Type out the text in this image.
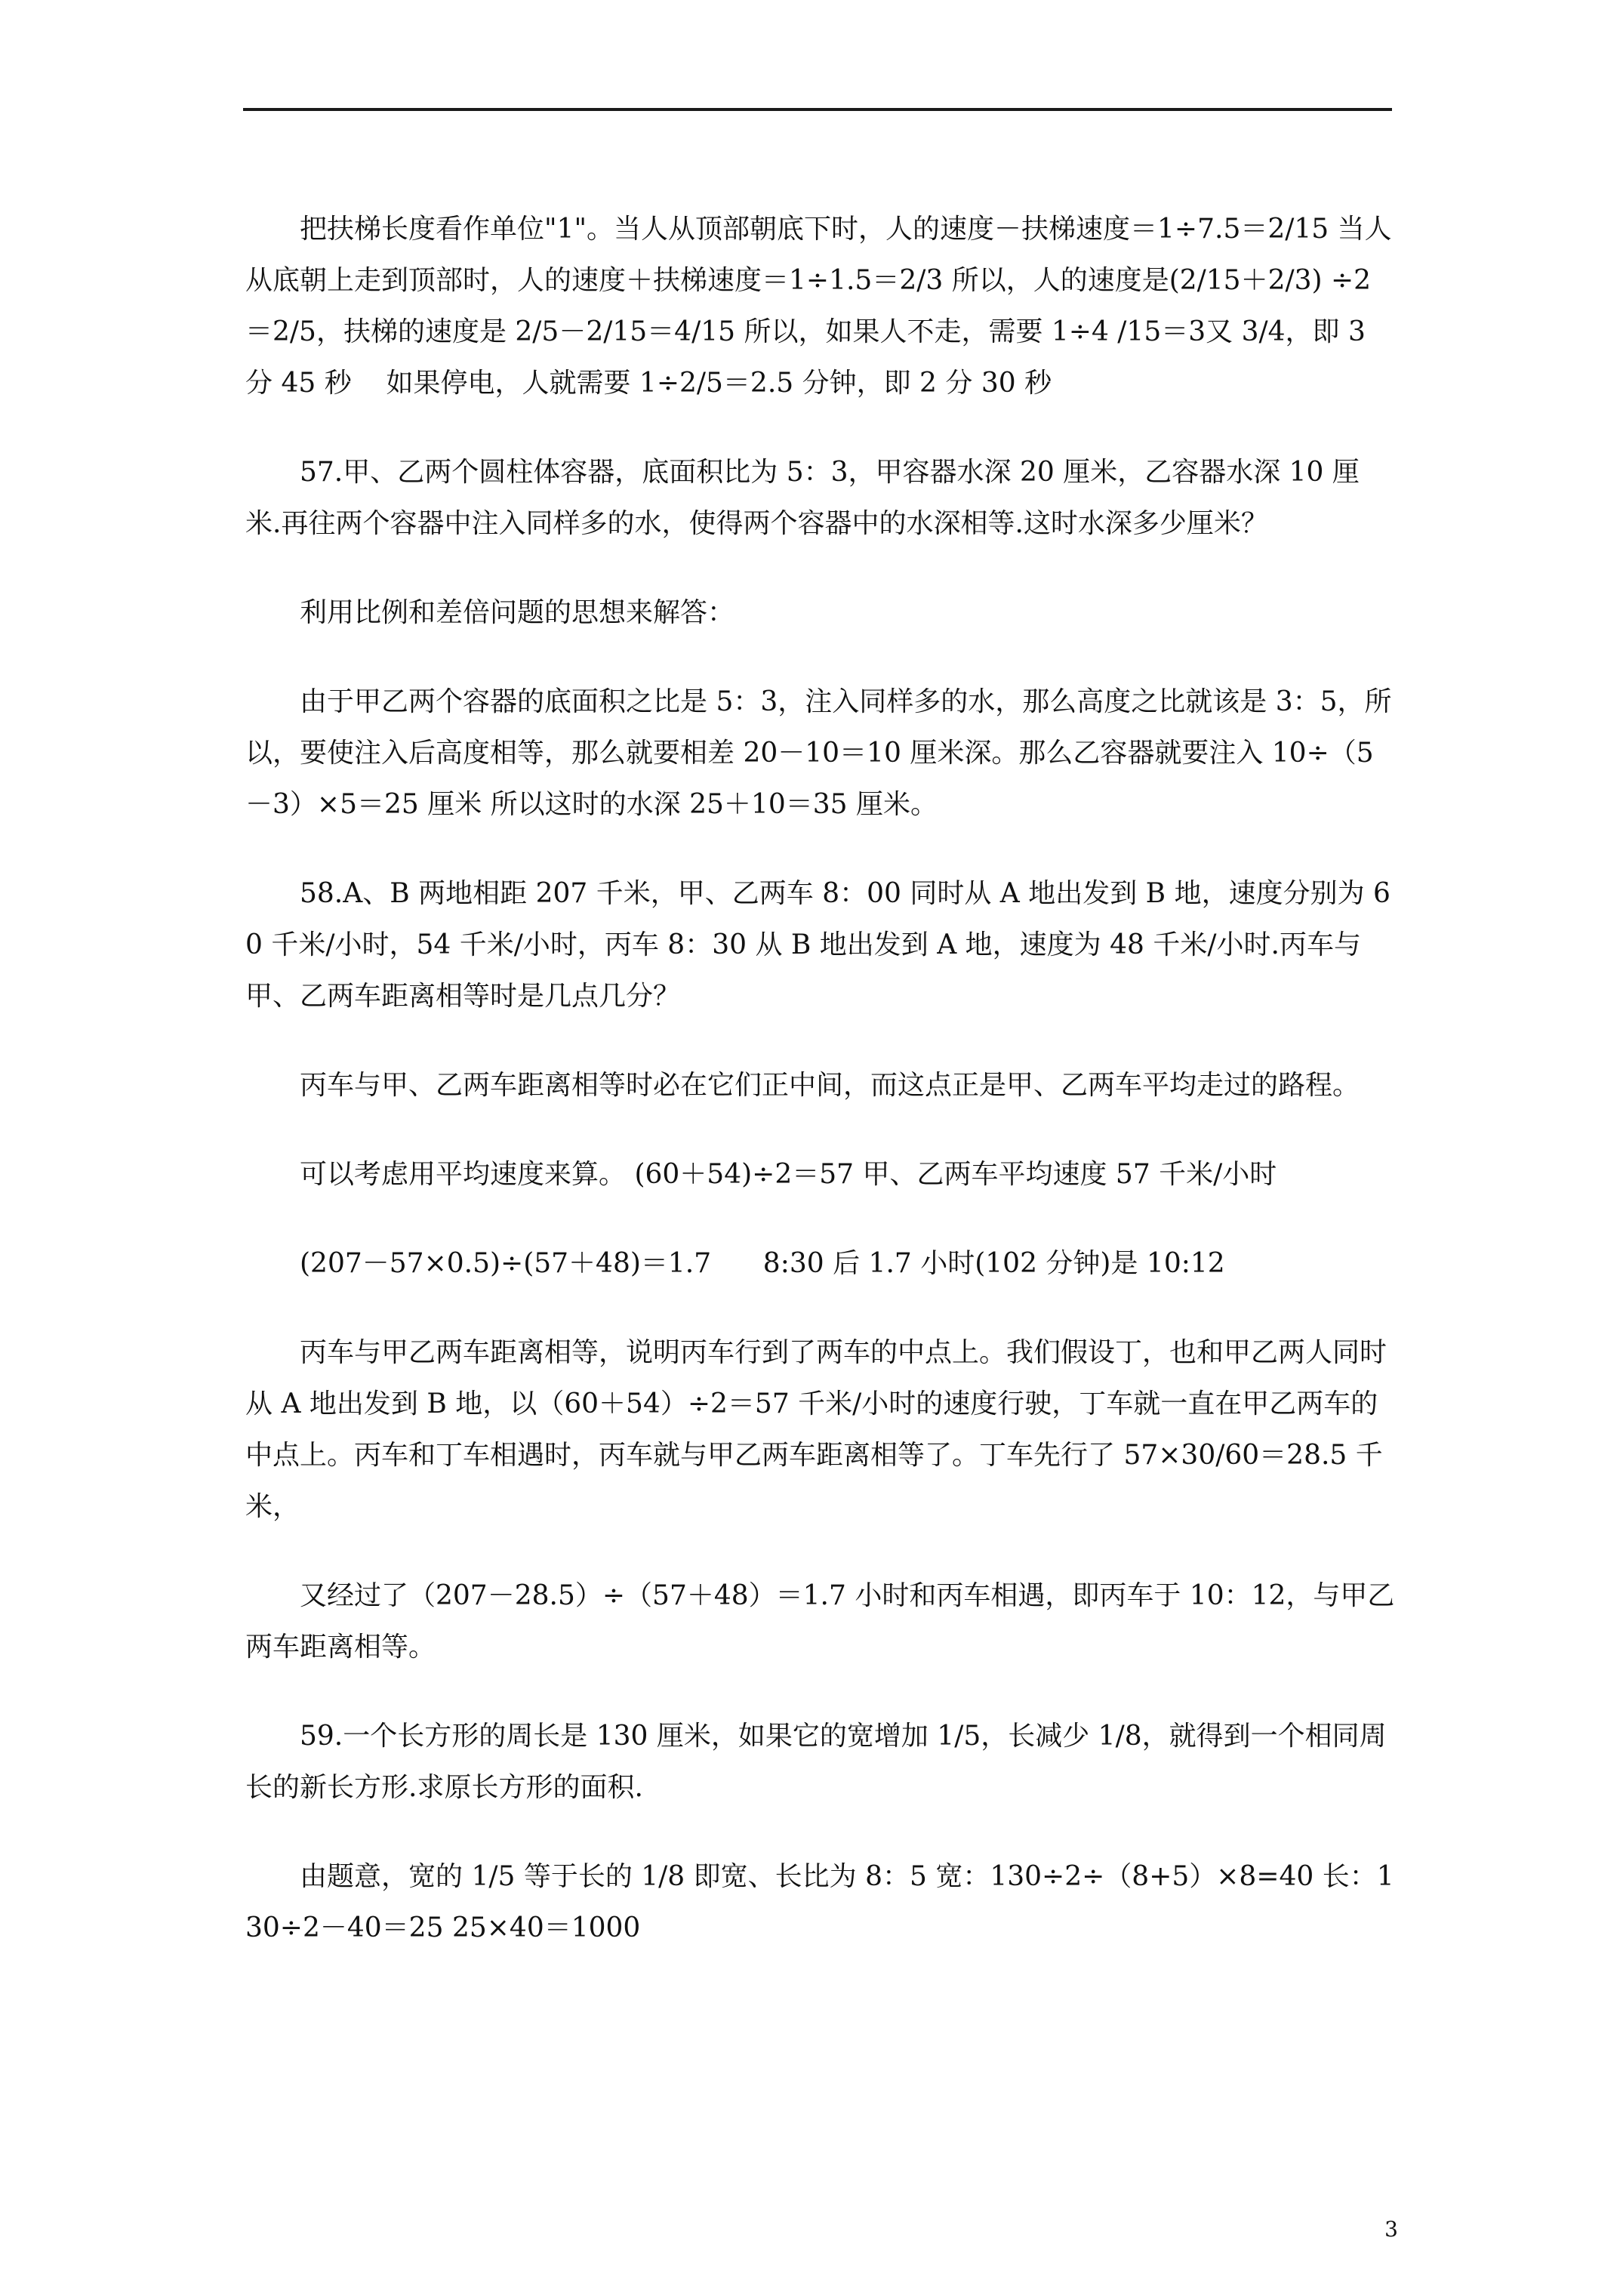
把扶梯长度看作单位"1"。当人从顶部朝底下时，人的速度－扶梯速度＝1÷7.5＝2/15 当人从底朝上走到顶部时，人的速度＋扶梯速度＝1÷1.5＝2/3 所以，人的速度是(2/15＋2/3) ÷2＝2/5，扶梯的速度是 2/5－2/15＝4/15 所以，如果人不走，需要 1÷4 /15＝3又 3/4，即 3 分 45 秒    如果停电，人就需要 1÷2/5＝2.5 分钟，即 2 分 30 秒

57.甲、乙两个圆柱体容器，底面积比为 5：3，甲容器水深 20 厘米，乙容器水深 10 厘米.再往两个容器中注入同样多的水，使得两个容器中的水深相等.这时水深多少厘米？

利用比例和差倍问题的思想来解答：

由于甲乙两个容器的底面积之比是 5：3，注入同样多的水，那么高度之比就该是 3：5，所以，要使注入后高度相等，那么就要相差 20－10＝10 厘米深。那么乙容器就要注入 10÷（5－3）×5＝25 厘米 所以这时的水深 25＋10＝35 厘米。

58.A、B 两地相距 207 千米，甲、乙两车 8：00 同时从 A 地出发到 B 地，速度分别为 60 千米/小时，54 千米/小时，丙车 8：30 从 B 地出发到 A 地，速度为 48 千米/小时.丙车与甲、乙两车距离相等时是几点几分？

丙车与甲、乙两车距离相等时必在它们正中间，而这点正是甲、乙两车平均走过的路程。

可以考虑用平均速度来算。 (60＋54)÷2＝57 甲、乙两车平均速度 57 千米/小时

(207－57×0.5)÷(57＋48)＝1.7      8:30 后 1.7 小时(102 分钟)是 10:12

丙车与甲乙两车距离相等，说明丙车行到了两车的中点上。我们假设丁，也和甲乙两人同时从 A 地出发到 B 地，以（60＋54）÷2＝57 千米/小时的速度行驶，丁车就一直在甲乙两车的中点上。丙车和丁车相遇时，丙车就与甲乙两车距离相等了。丁车先行了 57×30/60＝28.5 千米，

又经过了（207－28.5）÷（57＋48）＝1.7 小时和丙车相遇，即丙车于 10：12，与甲乙两车距离相等。

59.一个长方形的周长是 130 厘米，如果它的宽增加 1/5，长减少 1/8，就得到一个相同周长的新长方形.求原长方形的面积.

由题意，宽的 1/5 等于长的 1/8 即宽、长比为 8：5 宽：130÷2÷（8+5）×8=40 长：130÷2－40＝25 25×40＝1000

3
